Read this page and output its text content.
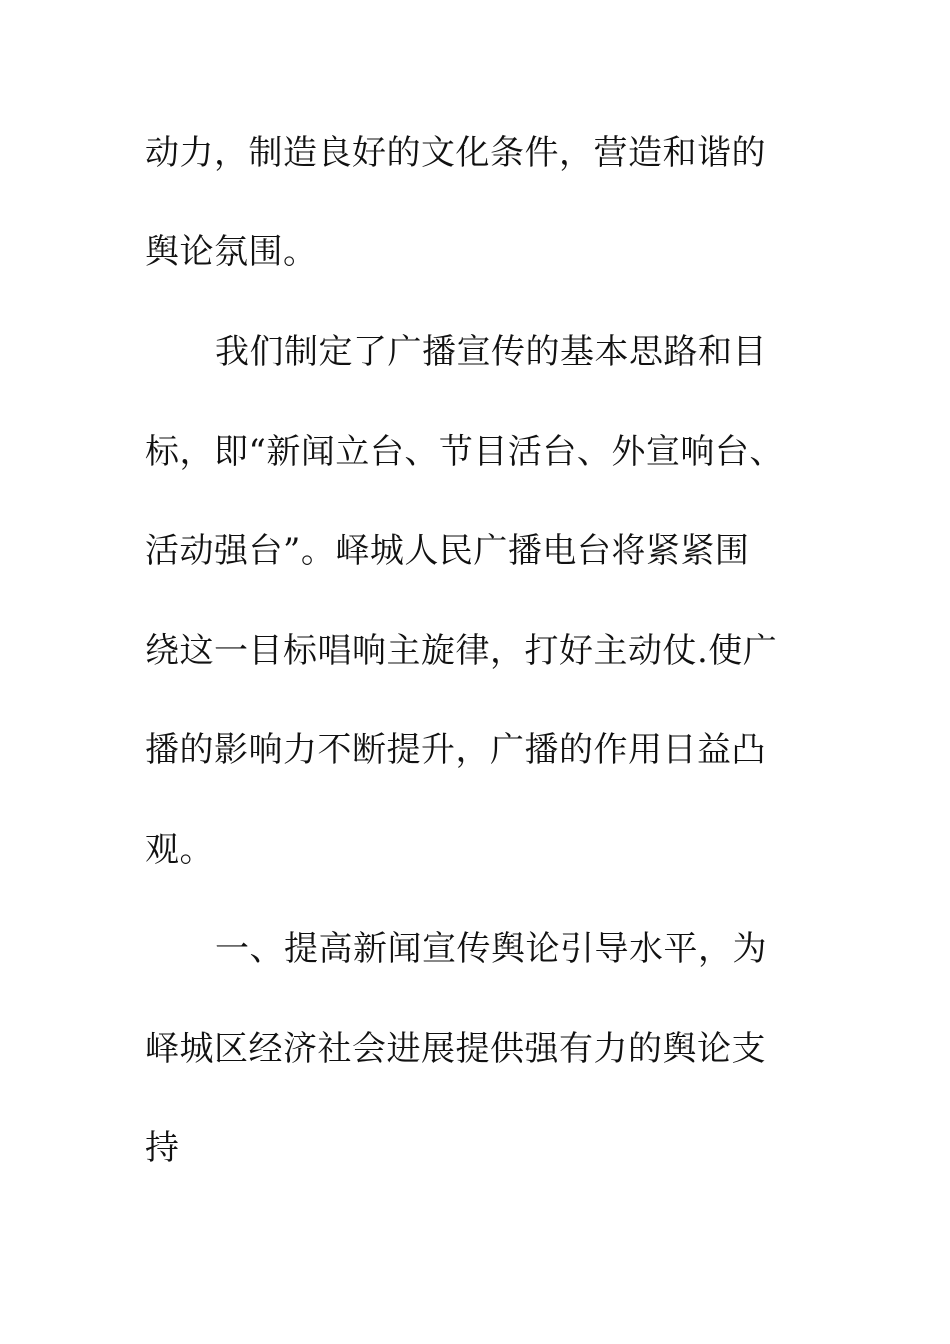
动力，制造良好的文化条件，营造和谐的

舆论氛围。

我们制定了广播宣传的基本思路和目

标，即“新闻立台、节目活台、外宣响台、

活动强台”。峄城人民广播电台将紧紧围

绕这一目标唱响主旋律，打好主动仗.使广

播的影响力不断提升，广播的作用日益凸

观。

一、提高新闻宣传舆论引导水平，为

峄城区经济社会进展提供强有力的舆论支

持
